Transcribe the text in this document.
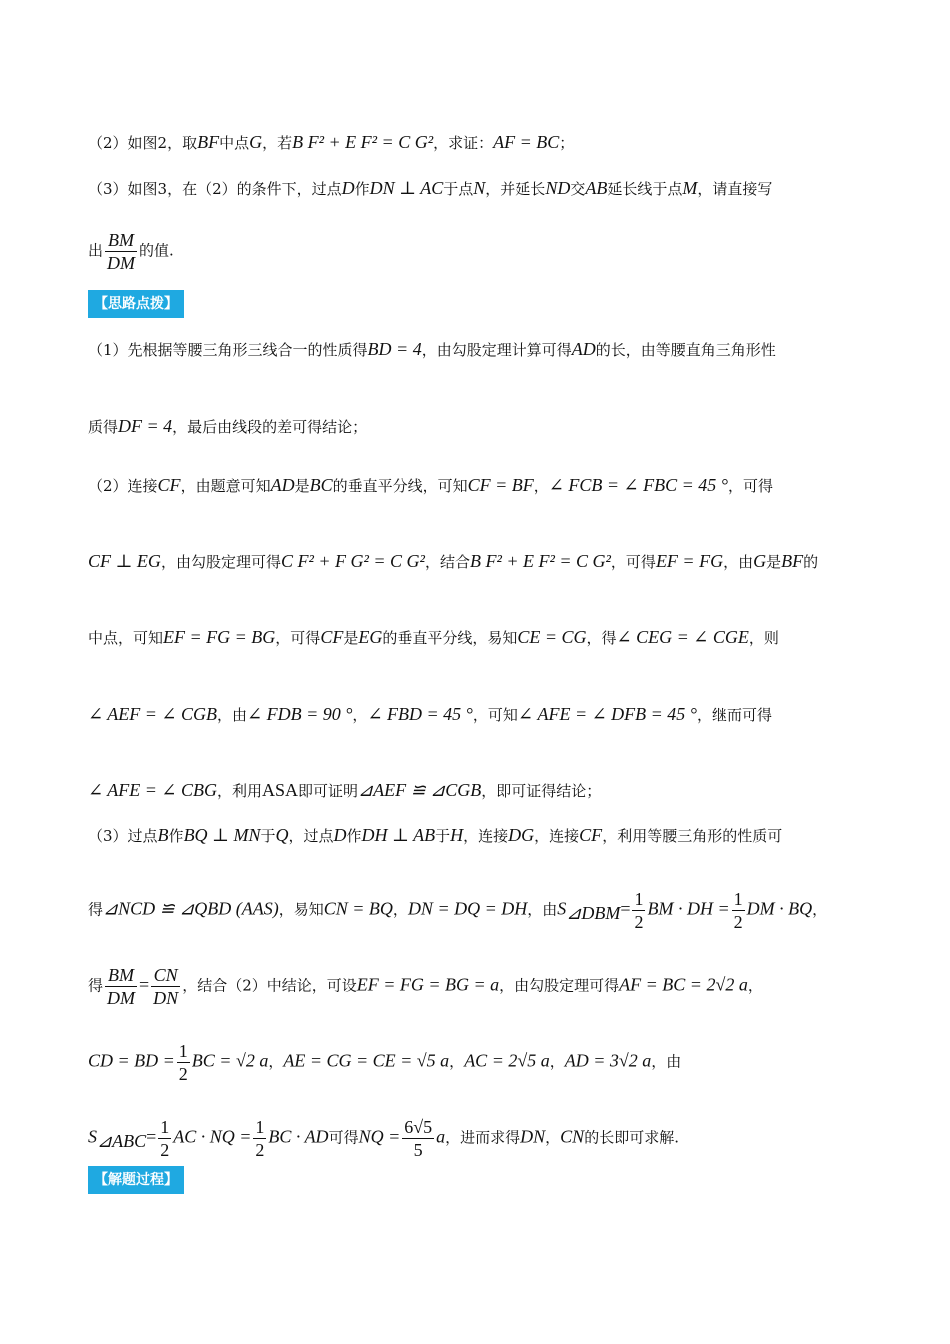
（2）如图2，取BF中点G，若B F² + E F² = C G²，求证：AF = BC；
（3）如图3，在（2）的条件下，过点D作DN ⊥ AC于点N，并延长ND交AB延长线于点M，请直接写
出 $\frac{BM}{DM}$ 的值.
【思路点拨】
（1）先根据等腰三角形三线合一的性质得BD = 4，由勾股定理计算可得AD的长，由等腰直角三角形性
质得DF = 4，最后由线段的差可得结论；
（2）连接CF，由题意可知AD是BC的垂直平分线，可知CF = BF，∠ FCB = ∠ FBC = 45 °，可得
CF ⊥ EG，由勾股定理可得C F² + F G² = C G²，结合B F² + E F² = C G²，可得EF = FG，由G是BF的
中点，可知EF = FG = BG，可得CF是EG的垂直平分线，易知CE = CG，得∠ CEG = ∠ CGE，则
∠ AEF = ∠ CGB，由∠ FDB = 90 °，∠ FBD = 45 °，可知∠ AFE = ∠ DFB = 45 °，继而可得
∠ AFE = ∠ CBG，利用ASA即可证明⊿AEF ≌ ⊿CGB，即可证得结论；
（3）过点B作BQ ⊥ MN于Q，过点D作DH ⊥ AB于H，连接DG，连接CF，利用等腰三角形的性质可
得⊿NCD ≌ ⊿QBD (AAS)，易知CN = BQ，DN = DQ = DH，由$S_{⊿DBM}= \frac{1}{2}$ BM · DH = $\frac{1}{2}$ DM · BQ，
得 $\frac{BM}{DM} = \frac{CN}{DN}$ ，结合（2）中结论，可设EF = FG = BG = a，由勾股定理可得AF = BC = 2√2 a，
CD = BD = $\frac{1}{2}$ BC = √2 a，AE = CG = CE = √5 a，AC = 2√5 a，AD = 3√2 a，由
$S_{⊿ABC}= \frac{1}{2}$ AC · NQ = $\frac{1}{2}$ BC · AD可得NQ = $\frac{6√5}{5}$ a，进而求得DN，CN的长即可求解.
【解题过程】
